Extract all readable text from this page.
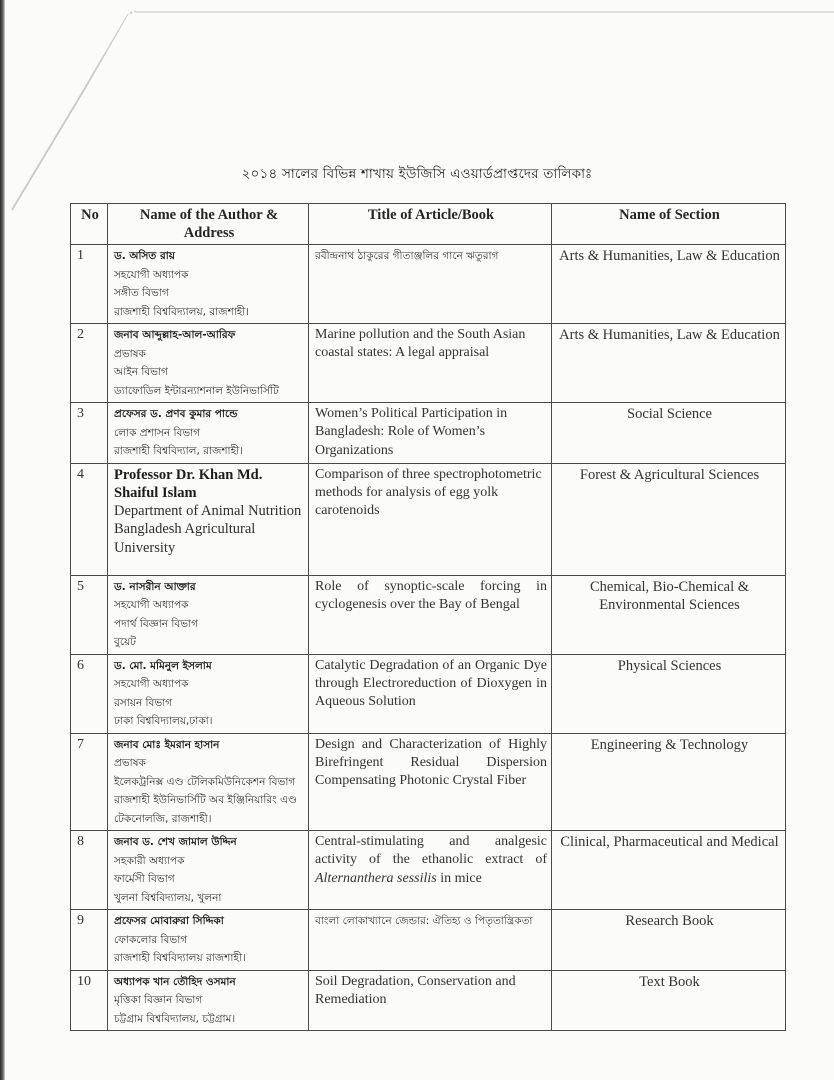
২০১৪ সালের বিভিন্ন শাখায় ইউজিসি এওয়ার্ডপ্রাপ্তদের তালিকাঃ
No	Name of the Author & Address	Title of Article/Book	Name of Section
1	ড. অসিত রায়
সহযোগী অধ্যাপক
সঙ্গীত বিভাগ
রাজশাহী বিশ্ববিদ্যালয়, রাজশাহী।	রবীন্দ্রনাথ ঠাকুরের গীতাঞ্জলির গানে ঋতুরাগ	Arts & Humanities, Law & Education
2	জনাব আব্দুল্লাহ-আল-আরিফ
প্রভাষক
আইন বিভাগ
ড্যাফোডিল ইন্টারন্যাশনাল ইউনিভার্সিটি	Marine pollution and the South Asian coastal states: A legal appraisal	Arts & Humanities, Law & Education
3	প্রফেসর ড. প্রণব কুমার পান্ডে
লোক প্রশাসন বিভাগ
রাজশাহী বিশ্ববিদ্যাল, রাজশাহী।	Women’s Political Participation in Bangladesh: Role of Women’s Organizations	Social Science
4	Professor Dr. Khan Md. Shaiful Islam
Department of Animal Nutrition
Bangladesh Agricultural University	Comparison of three spectrophotometric methods for analysis of egg yolk carotenoids	Forest & Agricultural Sciences
5	ড. নাসরীন আক্তার
সহযোগী অধ্যাপক
পদার্থ বিজ্ঞান বিভাগ
বুয়েট	Role of synoptic-scale forcing in cyclogenesis over the Bay of Bengal	Chemical, Bio-Chemical & Environmental Sciences
6	ড. মো. মমিনুল ইসলাম
সহযোগী অধ্যাপক
রসায়ন বিভাগ
ঢাকা বিশ্ববিদ্যালয়,ঢাকা।	Catalytic Degradation of an Organic Dye through Electroreduction of Dioxygen in Aqueous Solution	Physical Sciences
7	জনাব মোঃ ইমরান হাসান
প্রভাষক
ইলেকট্রনিক্স এণ্ড টেলিকমিউনিকেশন বিভাগ
রাজশাহী ইউনিভার্সিটি অব ইঞ্জিনিয়ারিং এণ্ড টেকনোলজি, রাজশাহী।	Design and Characterization of Highly Birefringent Residual Dispersion Compensating Photonic Crystal Fiber	Engineering & Technology
8	জনাব ড. শেখ জামাল উদ্দিন
সহকারী অধ্যাপক
ফার্মেসী বিভাগ
খুলনা বিশ্ববিদ্যালয়, খুলনা	Central-stimulating and analgesic activity of the ethanolic extract of Alternanthera sessilis in mice	Clinical, Pharmaceutical and Medical
9	প্রফেসর মোবারুরা সিদ্দিকা
ফোকলোর বিভাগ
রাজশাহী বিশ্ববিদ্যালয় রাজশাহী।	বাংলা লোকাখ্যানে জেন্ডার: ঐতিহ্য ও পিতৃতান্ত্রিকতা	Research Book
10	অধ্যাপক খান তৌহিদ ওসমান
মৃত্তিকা বিজ্ঞান বিভাগ
চট্টগ্রাম বিশ্ববিদ্যালয়, চট্টগ্রাম।	Soil Degradation, Conservation and Remediation	Text Book
